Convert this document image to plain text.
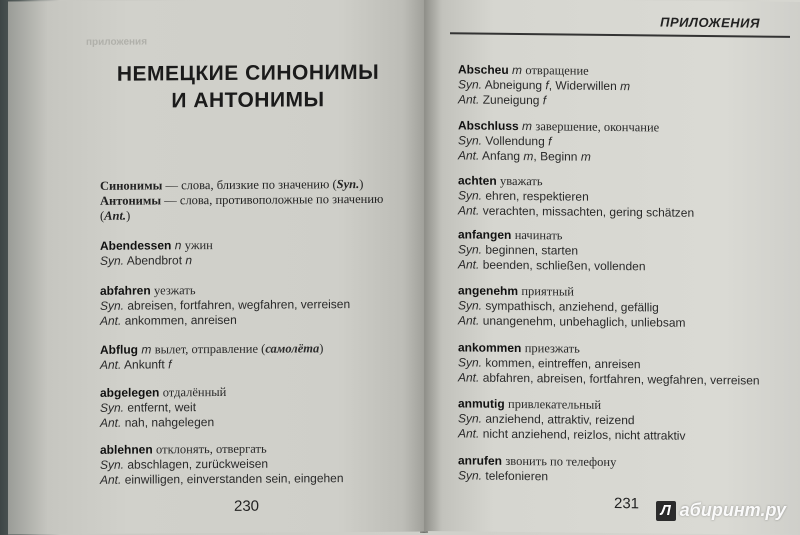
приложения
НЕМЕЦКИЕ СИНОНИМЫ
И АНТОНИМЫ
Синонимы — слова, близкие по значению (Syn.)
Антонимы — слова, противоположные по значению (Ant.)
Abendessen n ужин
Syn. Abendbrot n
abfahren уезжать
Syn. abreisen, fortfahren, wegfahren, verreisen
Ant. ankommen, anreisen
Abflug m вылет, отправление (самолёта)
Ant. Ankunft f
abgelegen отдалённый
Syn. entfernt, weit
Ant. nah, nahgelegen
ablehnen отклонять, отвергать
Syn. abschlagen, zurückweisen
Ant. einwilligen, einverstanden sein, eingehen
230
ПРИЛОЖЕНИЯ
Abscheu m отвращение
Syn. Abneigung f, Widerwillen m
Ant. Zuneigung f
Abschluss m завершение, окончание
Syn. Vollendung f
Ant. Anfang m, Beginn m
achten уважать
Syn. ehren, respektieren
Ant. verachten, missachten, gering schätzen
anfangen начинать
Syn. beginnen, starten
Ant. beenden, schließen, vollenden
angenehm приятный
Syn. sympathisch, anziehend, gefällig
Ant. unangenehm, unbehaglich, unliebsam
ankommen приезжать
Syn. kommen, eintreffen, anreisen
Ant. abfahren, abreisen, fortfahren, wegfahren, verreisen
anmutig привлекательный
Syn. anziehend, attraktiv, reizend
Ant. nicht anziehend, reizlos, nicht attraktiv
anrufen звонить по телефону
Syn. telefonieren
231	Л абиринт.ру
